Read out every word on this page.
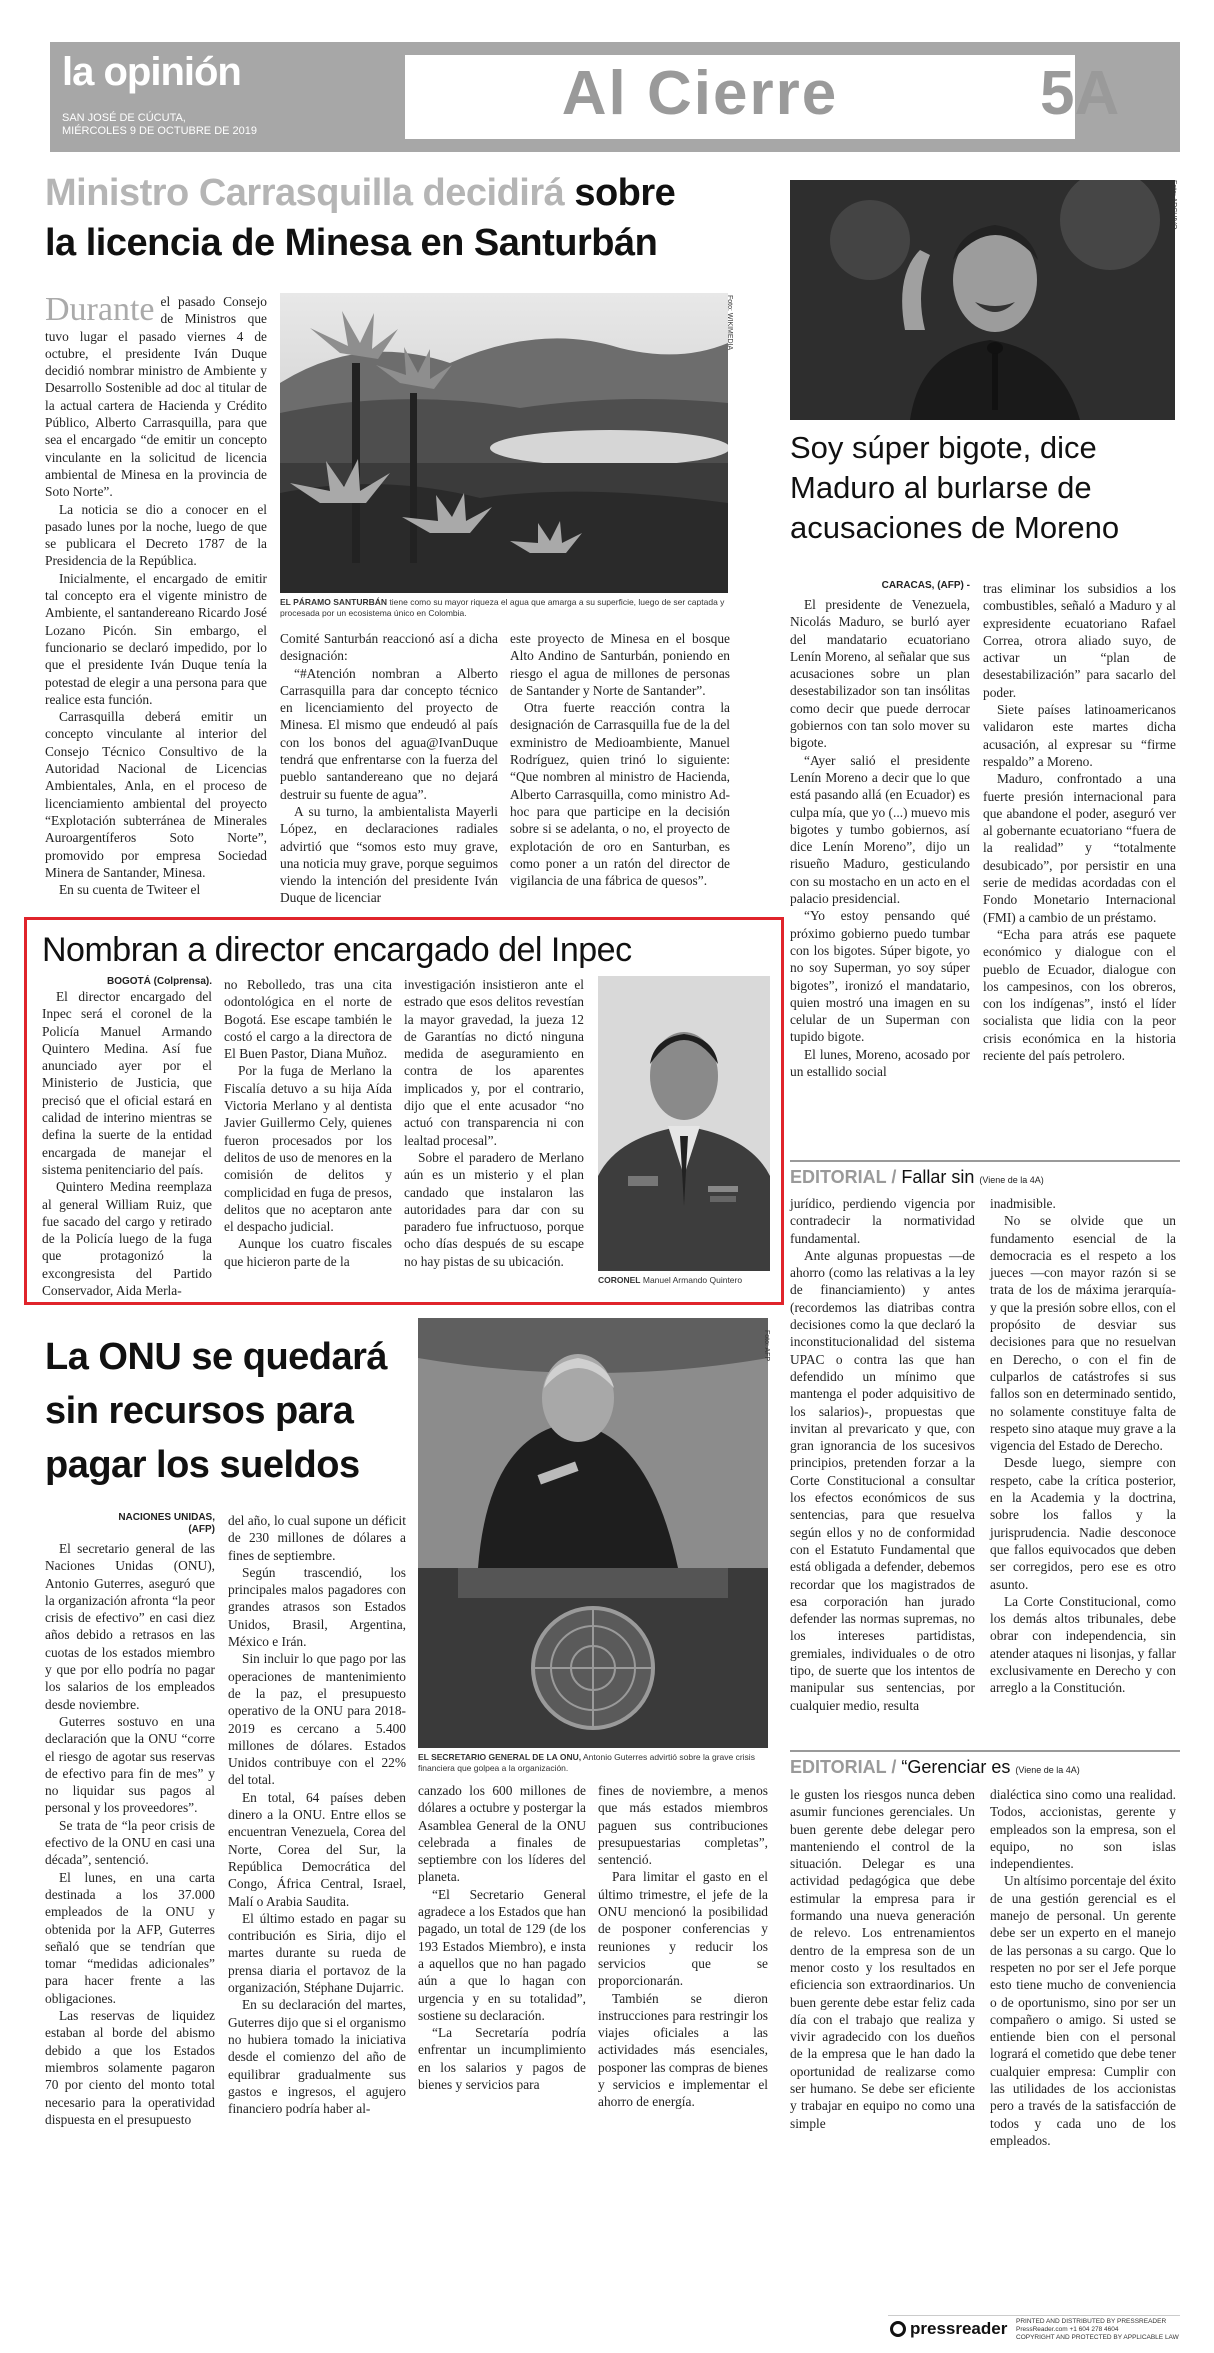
la opinión
SAN JOSÉ DE CÚCUTA,
MIÉRCOLES 9 DE OCTUBRE DE 2019
Al Cierre	5A
Ministro Carrasquilla decidirá sobre
la licencia de Minesa en Santurbán
Durante el pasado Consejo de Ministros que tuvo lugar el pasado viernes 4 de octubre, el presidente Iván Duque decidió nombrar ministro de Ambiente y Desarrollo Sostenible ad doc al titular de la actual cartera de Hacienda y Crédito Público, Alberto Carrasquilla, para que sea el encargado “de emitir un concepto vinculante en la solicitud de licencia ambiental de Minesa en la provincia de Soto Norte”.

La noticia se dio a conocer en el pasado lunes por la noche, luego de que se publicara el Decreto 1787 de la Presidencia de la República.

Inicialmente, el encargado de emitir tal concepto era el vigente ministro de Ambiente, el santandereano Ricardo José Lozano Picón. Sin embargo, el funcionario se declaró impedido, por lo que el presidente Iván Duque tenía la potestad de elegir a una persona para que realice esta función.

Carrasquilla deberá emitir un concepto vinculante al interior del Consejo Técnico Consultivo de la Autoridad Nacional de Licencias Ambientales, Anla, en el proceso de licenciamiento ambiental del proyecto “Explotación subterránea de Minerales Auroargentíferos Soto Norte”, promovido por empresa Sociedad Minera de Santander, Minesa.

En su cuenta de Twiteer el

Foto: WIKIMEDIA
EL PÁRAMO SANTURBÁN tiene como su mayor riqueza el agua que amarga a su superficie, luego de ser captada y procesada por un ecosistema único en Colombia.

Comité Santurbán reaccionó así a dicha designación:

“#Atención nombran a Alberto Carrasquilla para dar concepto técnico en licenciamiento del proyecto de Minesa. El mismo que endeudó al país con los bonos del agua@IvanDuque tendrá que enfrentarse con la fuerza del pueblo santandereano que no dejará destruir su fuente de agua”.

A su turno, la ambientalista Mayerli López, en declaraciones radiales advirtió que “somos esto muy grave, una noticia muy grave, porque seguimos viendo la intención del presidente Iván Duque de licenciar

este proyecto de Minesa en el bosque Alto Andino de Santurbán, poniendo en riesgo el agua de millones de personas de Santander y Norte de Santander”.

Otra fuerte reacción contra la designación de Carrasquilla fue de la del exministro de Medioambiente, Manuel Rodríguez, quien trinó lo siguiente: “Que nombren al ministro de Hacienda, Alberto Carrasquilla, como ministro Ad-hoc para que participe en la decisión sobre si se adelanta, o no, el proyecto de explotación de oro en Santurban, es como poner a un ratón del director de vigilancia de una fábrica de quesos”.

Foto: ARCHIVO
Soy súper bigote, dice
Maduro al burlarse de
acusaciones de Moreno
CARACAS, (AFP) -

El presidente de Venezuela, Nicolás Maduro, se burló ayer del mandatario ecuatoriano Lenín Moreno, al señalar que sus acusaciones sobre un plan desestabilizador son tan insólitas como decir que puede derrocar gobiernos con tan solo mover su bigote.

“Ayer salió el presidente Lenín Moreno a decir que lo que está pasando allá (en Ecuador) es culpa mía, que yo (...) muevo mis bigotes y tumbo gobiernos, así dice Lenín Moreno”, dijo un risueño Maduro, gesticulando con su mostacho en un acto en el palacio presidencial.

“Yo estoy pensando qué próximo gobierno puedo tumbar con los bigotes. Súper bigote, yo no soy Superman, yo soy súper bigotes”, ironizó el mandatario, quien mostró una imagen en su celular de un Superman con tupido bigote.

El lunes, Moreno, acosado por un estallido social

tras eliminar los subsidios a los combustibles, señaló a Maduro y al expresidente ecuatoriano Rafael Correa, otrora aliado suyo, de activar un “plan de desestabilización” para sacarlo del poder.

Siete países latinoamericanos validaron este martes dicha acusación, al expresar su “firme respaldo” a Moreno.

Maduro, confrontado a una fuerte presión internacional para que abandone el poder, aseguró ver al gobernante ecuatoriano “fuera de la realidad” y “totalmente desubicado”, por persistir en una serie de medidas acordadas con el Fondo Monetario Internacional (FMI) a cambio de un préstamo.

“Echa para atrás ese paquete económico y dialogue con el pueblo de Ecuador, dialogue con los campesinos, con los obreros, con los indígenas”, instó el líder socialista que lidia con la peor crisis económica en la historia reciente del país petrolero.

Nombran a director encargado del Inpec
BOGOTÁ (Colprensa).

El director encargado del Inpec será el coronel de la Policía Manuel Armando Quintero Medina. Así fue anunciado ayer por el Ministerio de Justicia, que precisó que el oficial estará en calidad de interino mientras se defina la suerte de la entidad encargada de manejar el sistema penitenciario del país.

Quintero Medina reemplaza al general William Ruiz, que fue sacado del cargo y retirado de la Policía luego de la fuga que protagonizó la excongresista del Partido Conservador, Aida Merla-

no Rebolledo, tras una cita odontológica en el norte de Bogotá. Ese escape también le costó el cargo a la directora de El Buen Pastor, Diana Muñoz.

Por la fuga de Merlano la Fiscalía detuvo a su hija Aída Victoria Merlano y al dentista Javier Guillermo Cely, quienes fueron procesados por los delitos de uso de menores en la comisión de delitos y complicidad en fuga de presos, delitos que no aceptaron ante el despacho judicial.

Aunque los cuatro fiscales que hicieron parte de la

investigación insistieron ante el estrado que esos delitos revestían la mayor gravedad, la jueza 12 de Garantías no dictó ninguna medida de aseguramiento en contra de los aparentes implicados y, por el contrario, dijo que el ente acusador “no actuó con transparencia ni con lealtad procesal”.

Sobre el paradero de Merlano aún es un misterio y el plan candado que instalaron las autoridades para dar con su paradero fue infructuoso, porque ocho días después de su escape no hay pistas de su ubicación.

CORONEL Manuel Armando Quintero
EDITORIAL / Fallar sin (Viene de la 4A)

jurídico, perdiendo vigencia por contradecir la normatividad fundamental.

Ante algunas propuestas —de ahorro (como las relativas a la ley de financiamiento) y antes (recordemos las diatribas contra decisiones como la que declaró la inconstitucionalidad del sistema UPAC o contra las que han defendido un mínimo que mantenga el poder adquisitivo de los salarios)-, propuestas que invitan al prevaricato y que, con gran ignorancia de los sucesivos principios, pretenden forzar a la Corte Constitucional a consultar los efectos económicos de sus sentencias, para que resuelva según ellos y no de conformidad con el Estatuto Fundamental que está obligada a defender, debemos recordar que los magistrados de esa corporación han jurado defender las normas supremas, no los intereses partidistas, gremiales, individuales o de otro tipo, de suerte que los intentos de manipular sus sentencias, por cualquier medio, resulta

inadmisible.

No se olvide que un fundamento esencial de la democracia es el respeto a los jueces —con mayor razón si se trata de los de máxima jerarquía- y que la presión sobre ellos, con el propósito de desviar sus decisiones para que no resuelvan en Derecho, o con el fin de culparlos de catástrofes si sus fallos son en determinado sentido, no solamente constituye falta de respeto sino ataque muy grave a la vigencia del Estado de Derecho.

Desde luego, siempre con respeto, cabe la crítica posterior, en la Academia y la doctrina, sobre los fallos y la jurisprudencia. Nadie desconoce que fallos equivocados que deben ser corregidos, pero ese es otro asunto.

La Corte Constitucional, como los demás altos tribunales, debe obrar con independencia, sin atender ataques ni lisonjas, y fallar exclusivamente en Derecho y con arreglo a la Constitución.

La ONU se quedará
sin recursos para
pagar los sueldos
NACIONES UNIDAS,
(AFP)

El secretario general de las Naciones Unidas (ONU), Antonio Guterres, aseguró que la organización afronta “la peor crisis de efectivo” en casi diez años debido a retrasos en las cuotas de los estados miembro y que por ello podría no pagar los salarios de los empleados desde noviembre.

Guterres sostuvo en una declaración que la ONU “corre el riesgo de agotar sus reservas de efectivo para fin de mes” y no liquidar sus pagos al personal y los proveedores”.

Se trata de “la peor crisis de efectivo de la ONU en casi una década”, sentenció.

El lunes, en una carta destinada a los 37.000 empleados de la ONU y obtenida por la AFP, Guterres señaló que se tendrían que tomar “medidas adicionales” para hacer frente a las obligaciones.

Las reservas de liquidez estaban al borde del abismo debido a que los Estados miembros solamente pagaron 70 por ciento del monto total necesario para la operatividad dispuesta en el presupuesto

del año, lo cual supone un déficit de 230 millones de dólares a fines de septiembre.

Según trascendió, los principales malos pagadores con grandes atrasos son Estados Unidos, Brasil, Argentina, México e Irán.

Sin incluir lo que pago por las operaciones de mantenimiento de la paz, el presupuesto operativo de la ONU para 2018-2019 es cercano a 5.400 millones de dólares. Estados Unidos contribuye con el 22% del total.

En total, 64 países deben dinero a la ONU. Entre ellos se encuentran Venezuela, Corea del Norte, Corea del Sur, la República Democrática del Congo, África Central, Israel, Malí o Arabia Saudita.

El último estado en pagar su contribución es Siria, dijo el martes durante su rueda de prensa diaria el portavoz de la organización, Stéphane Dujarric.

En su declaración del martes, Guterres dijo que si el organismo no hubiera tomado la iniciativa desde el comienzo del año de equilibrar gradualmente sus gastos e ingresos, el agujero financiero podría haber al-

Foto: AFP
EL SECRETARIO GENERAL DE LA ONU, Antonio Guterres advirtió sobre la grave crisis financiera que golpea a la organización.

canzado los 600 millones de dólares a octubre y postergar la Asamblea General de la ONU celebrada a finales de septiembre con los líderes del planeta.

“El Secretario General agradece a los Estados que han pagado, un total de 129 (de los 193 Estados Miembro), e insta a aquellos que no han pagado aún a que lo hagan con urgencia y en su totalidad”, sostiene su declaración.

“La Secretaría podría enfrentar un incumplimiento en los salarios y pagos de bienes y servicios para

fines de noviembre, a menos que más estados miembros paguen sus contribuciones presupuestarias completas”, sentenció.

Para limitar el gasto en el último trimestre, el jefe de la ONU mencionó la posibilidad de posponer conferencias y reuniones y reducir los servicios que se proporcionarán.

También se dieron instrucciones para restringir los viajes oficiales a las actividades más esenciales, posponer las compras de bienes y servicios e implementar el ahorro de energía.

EDITORIAL / “Gerenciar es (Viene de la 4A)

le gusten los riesgos nunca deben asumir funciones gerenciales. Un buen gerente debe delegar pero manteniendo el control de la situación. Delegar es una actividad pedagógica que debe estimular la empresa para ir formando una nueva generación de relevo. Los entrenamientos dentro de la empresa son de un menor costo y los resultados en eficiencia son extraordinarios. Un buen gerente debe estar feliz cada día con el trabajo que realiza y vivir agradecido con los dueños de la empresa que le han dado la oportunidad de realizarse como ser humano. Se debe ser eficiente y trabajar en equipo no como una simple

dialéctica sino como una realidad. Todos, accionistas, gerente y empleados son la empresa, son el equipo, no son islas independientes.

Un altísimo porcentaje del éxito de una gestión gerencial es el manejo de personal. Un gerente debe ser un experto en el manejo de las personas a su cargo. Que lo respeten no por ser el Jefe porque esto tiene mucho de conveniencia o de oportunismo, sino por ser un compañero o amigo. Si usted se entiende bien con el personal logrará el cometido que debe tener cualquier empresa: Cumplir con las utilidades de los accionistas pero a través de la satisfacción de todos y cada uno de los empleados.

pressreader PRINTED AND DISTRIBUTED BY PRESSREADER
PressReader.com +1 604 278 4604
COPYRIGHT AND PROTECTED BY APPLICABLE LAW
